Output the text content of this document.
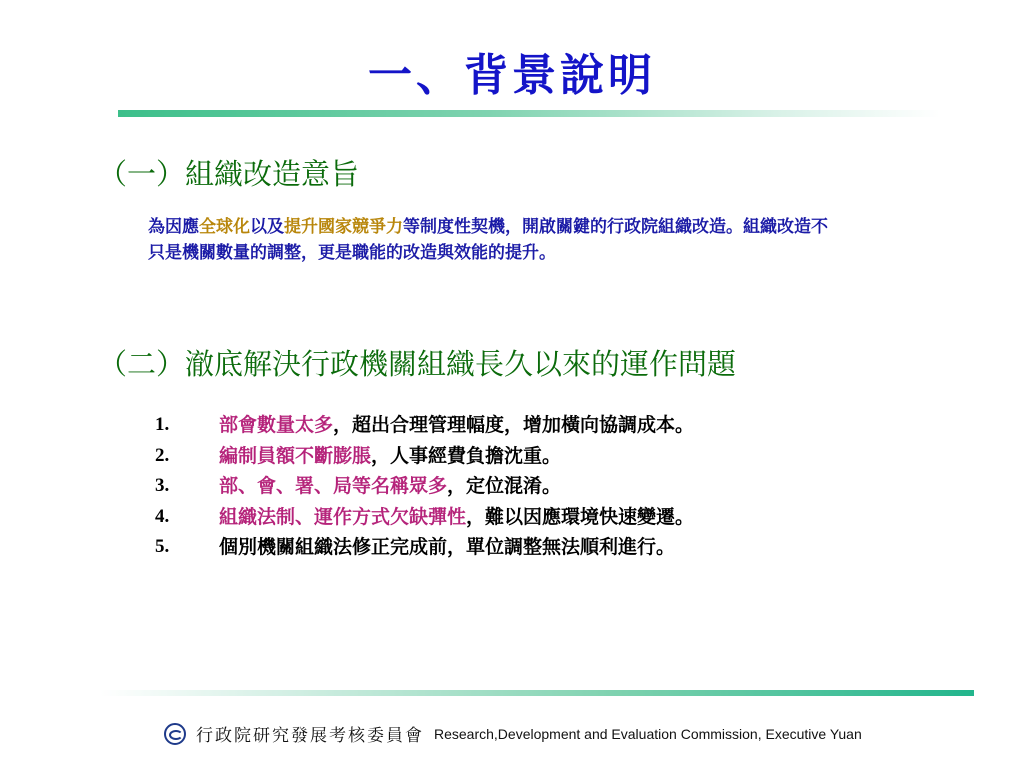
一、背景說明
（一）組織改造意旨

為因應全球化以及提升國家競爭力等制度性契機，開啟關鍵的行政院組織改造。組織改造不只是機關數量的調整，更是職能的改造與效能的提升。

（二）澈底解決行政機關組織長久以來的運作問題
1.	部會數量太多 ，超出合理管理幅度，增加橫向協調成本。
2.	編制員額不斷膨脹 ，人事經費負擔沈重。
3.	部、會、署、局等名稱眾多 ，定位混淆。
4.	組織法制、運作方式欠缺彈性 ，難以因應環境快速變遷。
5.	個別機關組織法修正完成前，單位調整無法順利進行。
行政院研究發展考核委員會 Research,Development and Evaluation Commission, Executive Yuan
